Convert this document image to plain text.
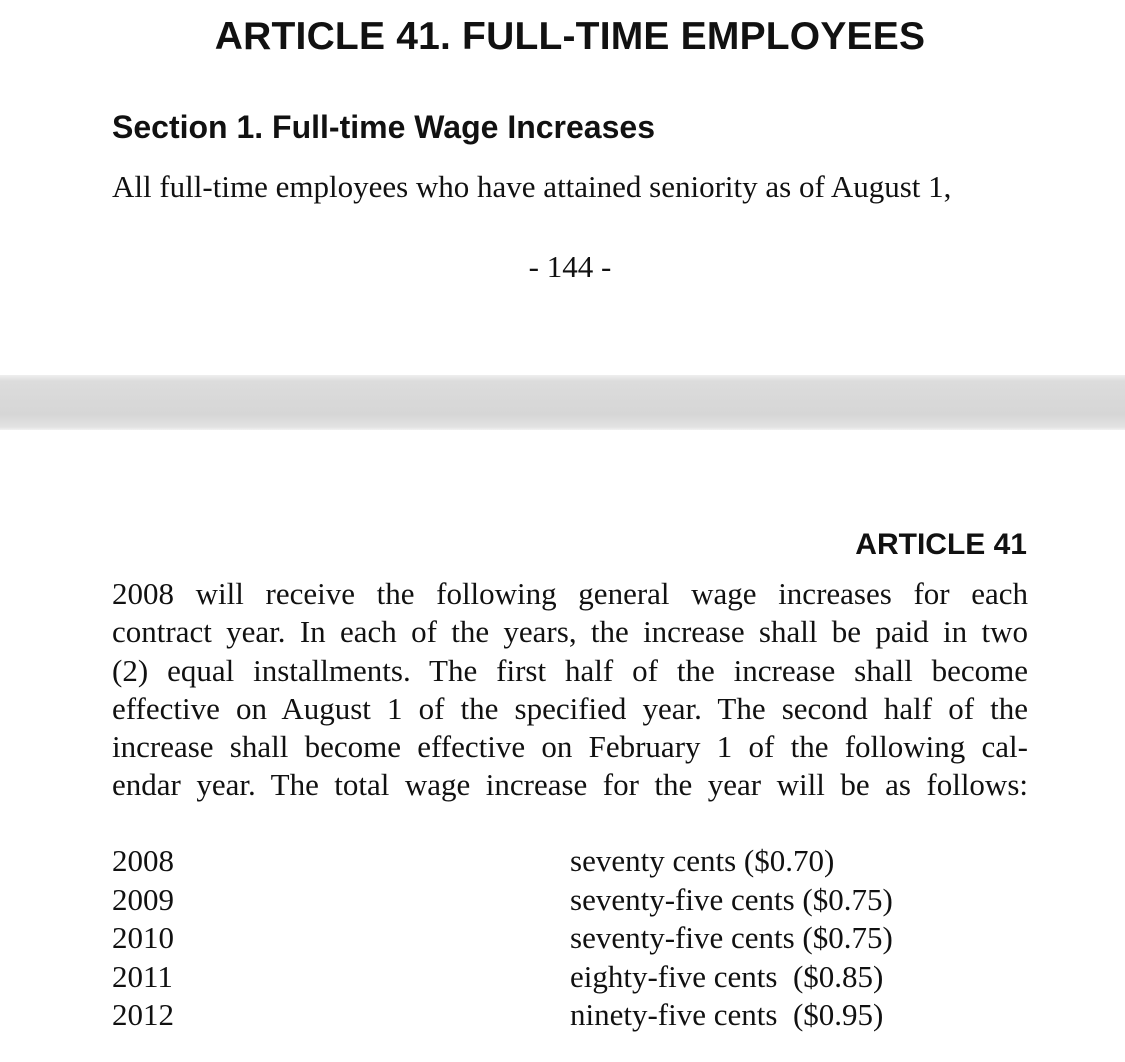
ARTICLE 41. FULL-TIME EMPLOYEES
Section 1. Full-time Wage Increases
All full-time employees who have attained seniority as of August 1,
- 144 -
ARTICLE 41
2008 will receive the following general wage increases for each
contract year. In each of the years, the increase shall be paid in two
(2) equal installments. The first half of the increase shall become
effective on August 1 of the specified year. The second half of the
increase shall become effective on February 1 of the following cal-
endar year. The total wage increase for the year will be as follows:
2008	seventy cents ($0.70)
2009	seventy-five cents ($0.75)
2010	seventy-five cents ($0.75)
2011	eighty-five cents  ($0.85)
2012	ninety-five cents  ($0.95)
